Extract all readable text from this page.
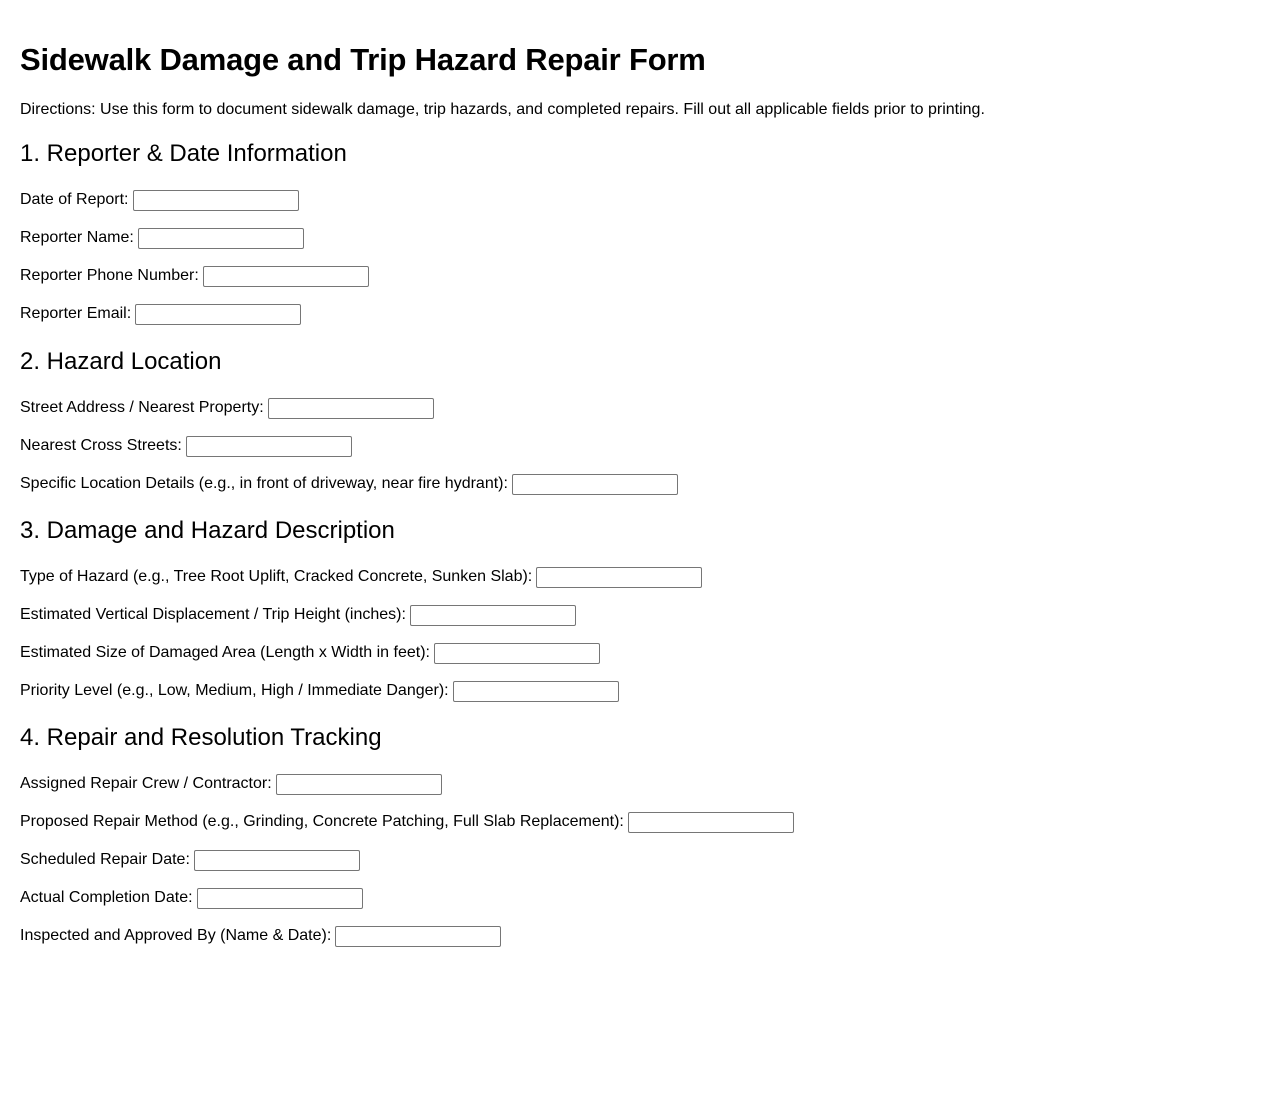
Sidewalk Damage and Trip Hazard Repair Form

Directions: Use this form to document sidewalk damage, trip hazards, and completed repairs. Fill out all applicable fields prior to printing.

1. Reporter & Date Information
Date of Report:
Reporter Name:
Reporter Phone Number:
Reporter Email:
2. Hazard Location
Street Address / Nearest Property:
Nearest Cross Streets:
Specific Location Details (e.g., in front of driveway, near fire hydrant):
3. Damage and Hazard Description
Type of Hazard (e.g., Tree Root Uplift, Cracked Concrete, Sunken Slab):
Estimated Vertical Displacement / Trip Height (inches):
Estimated Size of Damaged Area (Length x Width in feet):
Priority Level (e.g., Low, Medium, High / Immediate Danger):
4. Repair and Resolution Tracking
Assigned Repair Crew / Contractor:
Proposed Repair Method (e.g., Grinding, Concrete Patching, Full Slab Replacement):
Scheduled Repair Date:
Actual Completion Date:
Inspected and Approved By (Name & Date):
